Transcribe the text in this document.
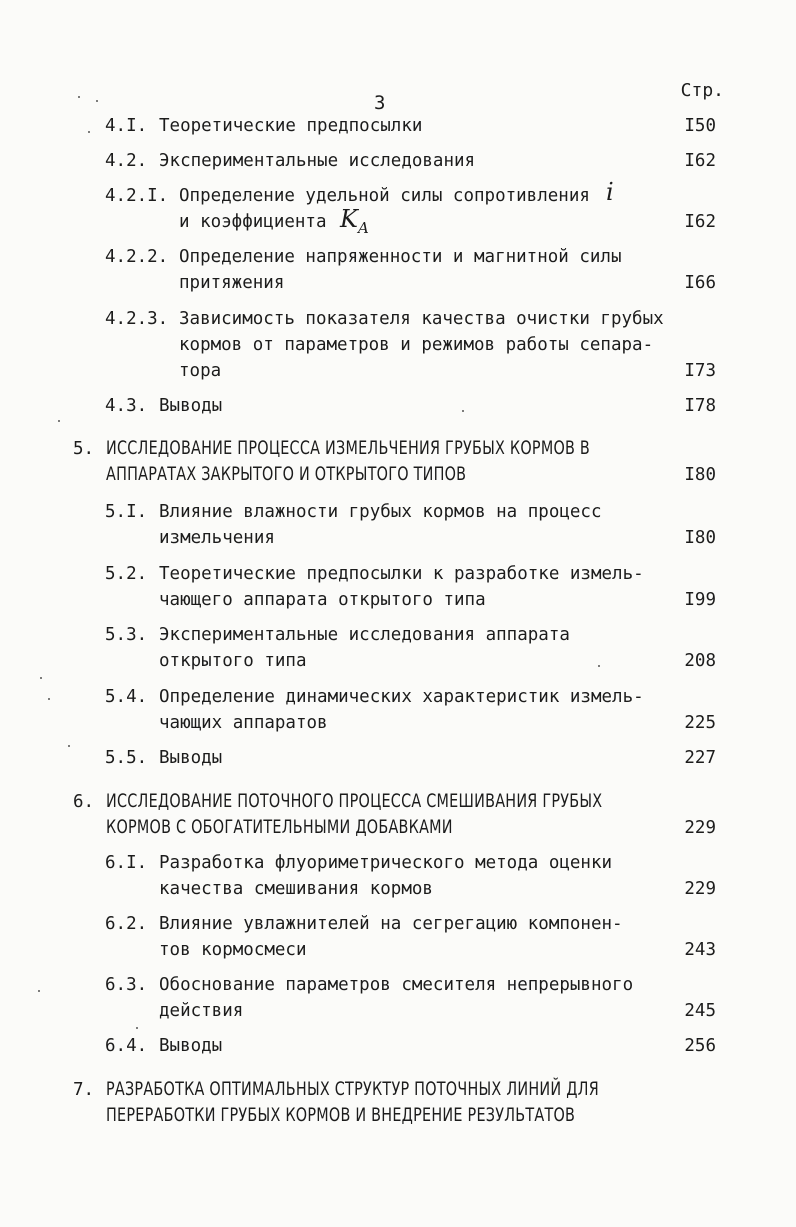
3
Стр.
4.I. Теоретические предпосылки	I50
4.2. Экспериментальные исследования	I62
4.2.I. Определение удельной силы сопротивления i
и коэффициента KA	I62
4.2.2. Определение напряженности и магнитной силы
притяжения	I66
4.2.3. Зависимость показателя качества очистки грубых
кормов от параметров и режимов работы сепара-
тора	I73
4.3. Выводы	I78
5. ИССЛЕДОВАНИЕ ПРОЦЕССА ИЗМЕЛЬЧЕНИЯ ГРУБЫХ КОРМОВ В
АППАРАТАХ ЗАКРЫТОГО И ОТКРЫТОГО ТИПОВ	I80
5.I. Влияние влажности грубых кормов на процесс
измельчения	I80
5.2. Теоретические предпосылки к разработке измель-
чающего аппарата открытого типа	I99
5.3. Экспериментальные исследования аппарата
открытого типа	208
5.4. Определение динамических характеристик измель-
чающих аппаратов	225
5.5. Выводы	227
6. ИССЛЕДОВАНИЕ ПОТОЧНОГО ПРОЦЕССА СМЕШИВАНИЯ ГРУБЫХ
КОРМОВ С ОБОГАТИТЕЛЬНЫМИ ДОБАВКАМИ	229
6.I. Разработка флуориметрического метода оценки
качества смешивания кормов	229
6.2. Влияние увлажнителей на сегрегацию компонен-
тов кормосмеси	243
6.3. Обоснование параметров смесителя непрерывного
действия	245
6.4. Выводы	256
7. РАЗРАБОТКА ОПТИМАЛЬНЫХ СТРУКТУР ПОТОЧНЫХ ЛИНИЙ ДЛЯ
ПЕРЕРАБОТКИ ГРУБЫХ КОРМОВ И ВНЕДРЕНИЕ РЕЗУЛЬТАТОВ
